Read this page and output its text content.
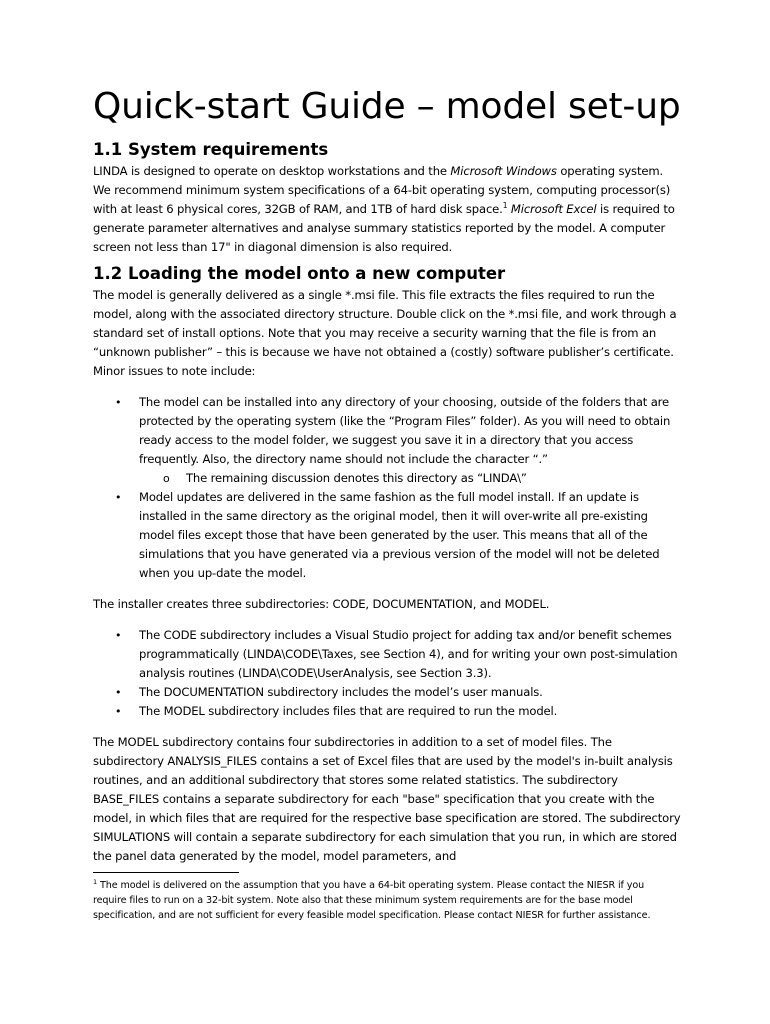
Quick-start Guide – model set-up
1.1 System requirements

LINDA is designed to operate on desktop workstations and the Microsoft Windows operating system. We recommend minimum system specifications of a 64-bit operating system, computing processor(s) with at least 6 physical cores, 32GB of RAM, and 1TB of hard disk space.$^1$ Microsoft Excel is required to generate parameter alternatives and analyse summary statistics reported by the model. A computer screen not less than 17" in diagonal dimension is also required.

1.2 Loading the model onto a new computer

The model is generally delivered as a single *.msi file. This file extracts the files required to run the model, along with the associated directory structure. Double click on the *.msi file, and work through a standard set of install options. Note that you may receive a security warning that the file is from an “unknown publisher” – this is because we have not obtained a (costly) software publisher’s certificate. Minor issues to note include:

• The model can be installed into any directory of your choosing, outside of the folders that are protected by the operating system (like the “Program Files” folder). As you will need to obtain ready access to the model folder, we suggest you save it in a directory that you access frequently. Also, the directory name should not include the character “.”
o The remaining discussion denotes this directory as “LINDA\”
• Model updates are delivered in the same fashion as the full model install. If an update is installed in the same directory as the original model, then it will over-write all pre-existing model files except those that have been generated by the user. This means that all of the simulations that you have generated via a previous version of the model will not be deleted when you up-date the model.

The installer creates three subdirectories: CODE, DOCUMENTATION, and MODEL.

• The CODE subdirectory includes a Visual Studio project for adding tax and/or benefit schemes programmatically (LINDA\CODE\Taxes, see Section 4), and for writing your own post-simulation analysis routines (LINDA\CODE\UserAnalysis, see Section 3.3).
• The DOCUMENTATION subdirectory includes the model’s user manuals.
• The MODEL subdirectory includes files that are required to run the model.

The MODEL subdirectory contains four subdirectories in addition to a set of model files. The subdirectory ANALYSIS_FILES contains a set of Excel files that are used by the model's in-built analysis routines, and an additional subdirectory that stores some related statistics. The subdirectory BASE_FILES contains a separate subdirectory for each "base" specification that you create with the model, in which files that are required for the respective base specification are stored. The subdirectory SIMULATIONS will contain a separate subdirectory for each simulation that you run, in which are stored the panel data generated by the model, model parameters, and

$^1$ The model is delivered on the assumption that you have a 64-bit operating system. Please contact the NIESR if you require files to run on a 32-bit system. Note also that these minimum system requirements are for the base model specification, and are not sufficient for every feasible model specification. Please contact NIESR for further assistance.
